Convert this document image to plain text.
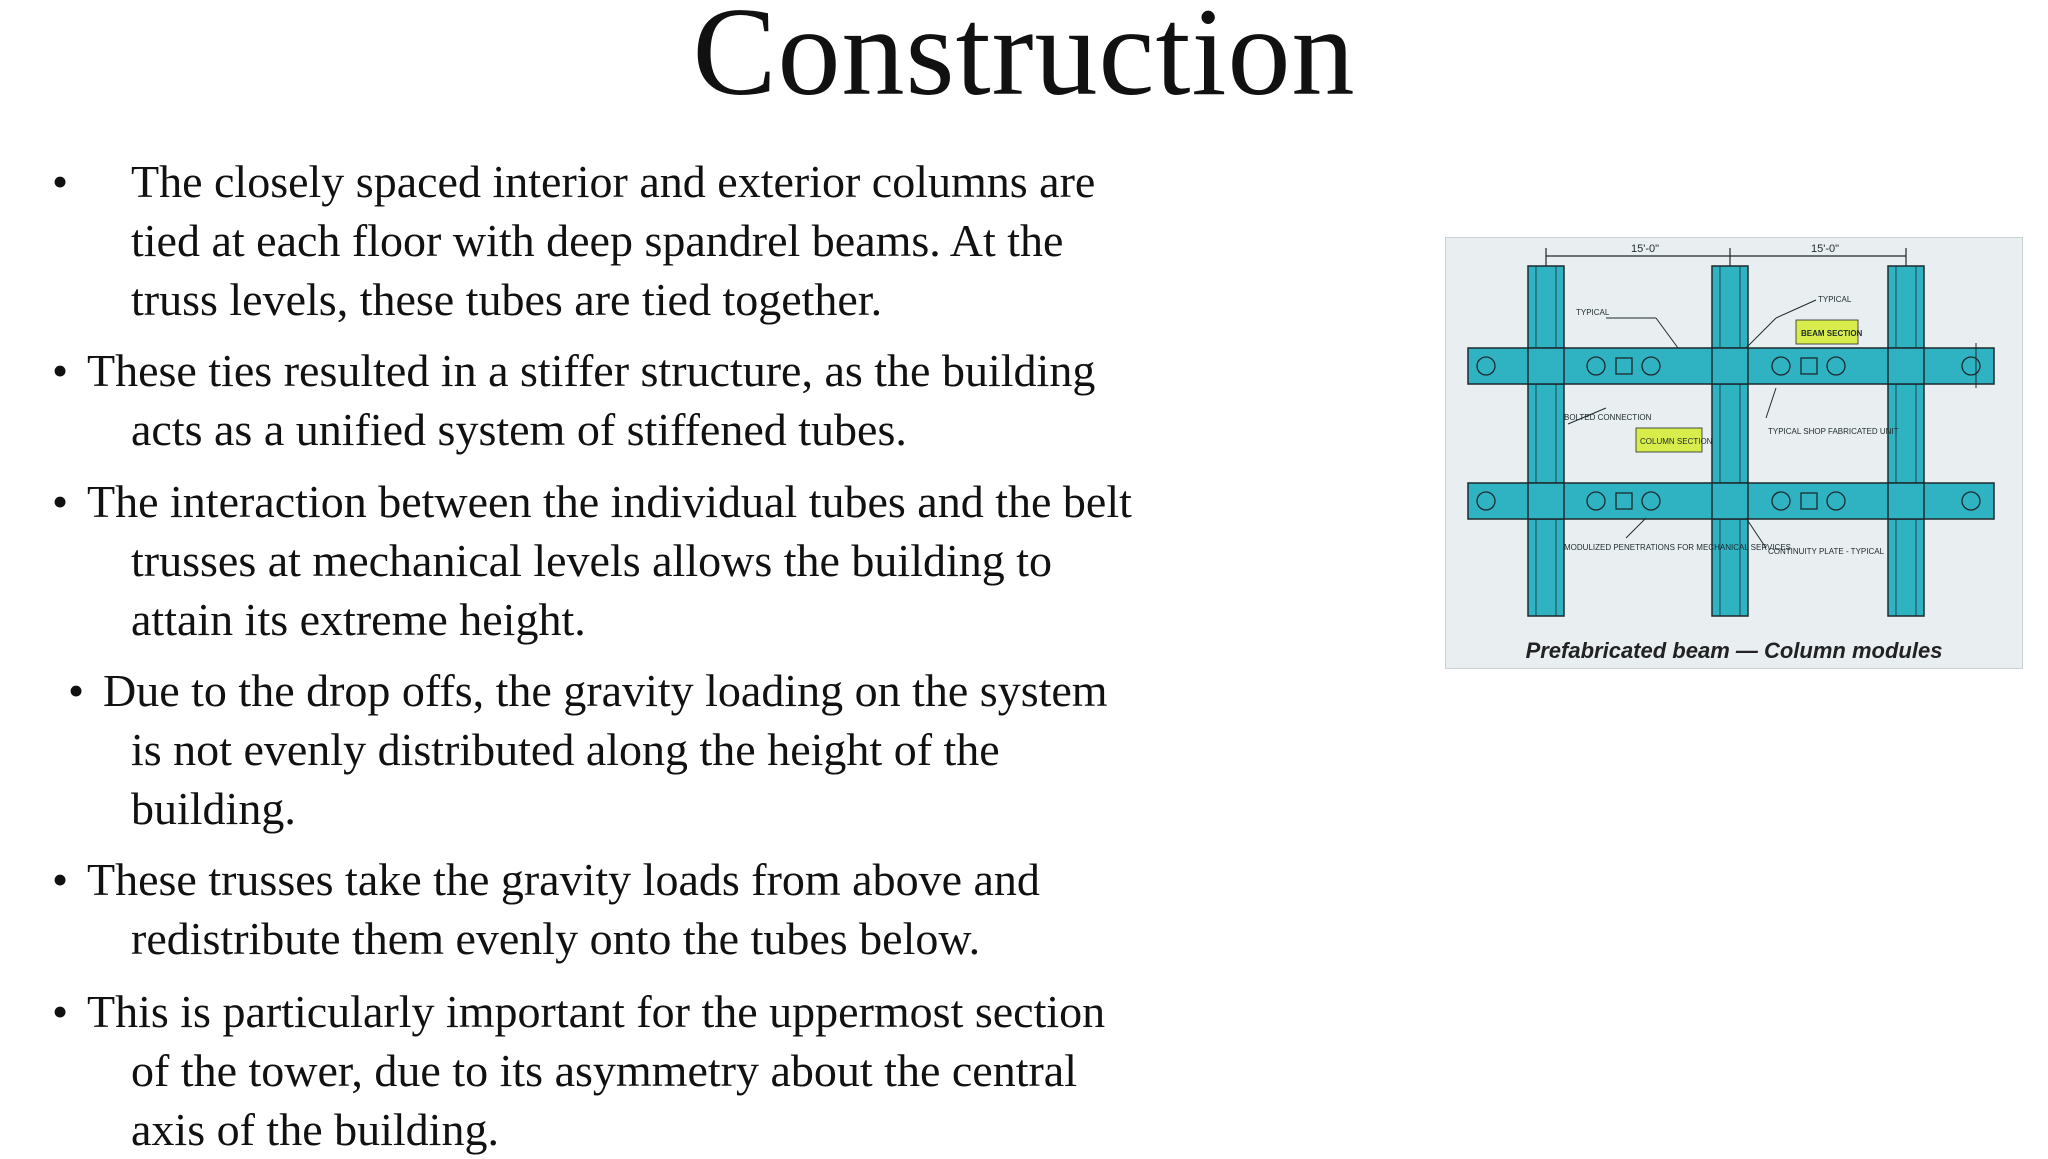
Construction
• The closely spaced interior and exterior columns are
tied at each floor with deep spandrel beams. At the
truss levels, these tubes are tied together.
• These ties resulted in a stiffer structure, as the building
acts as a unified system of stiffened tubes.
• The interaction between the individual tubes and the belt
trusses at mechanical levels allows the building to
attain its extreme height.
• Due to the drop offs, the gravity loading on the system
is not evenly distributed along the height of the
building.
• These trusses take the gravity loads from above and
redistribute them evenly onto the tubes below.
• This is particularly important for the uppermost section
of the tower, due to its asymmetry about the central
axis of the building.
15'-0"	15'-0"
TYPICAL
TYPICAL
BEAM SECTION
BOLTED CONNECTION
COLUMN SECTION
TYPICAL SHOP FABRICATED UNIT
MODULIZED PENETRATIONS FOR MECHANICAL SERVICES
CONTINUITY PLATE - TYPICAL
Prefabricated beam — Column modules
